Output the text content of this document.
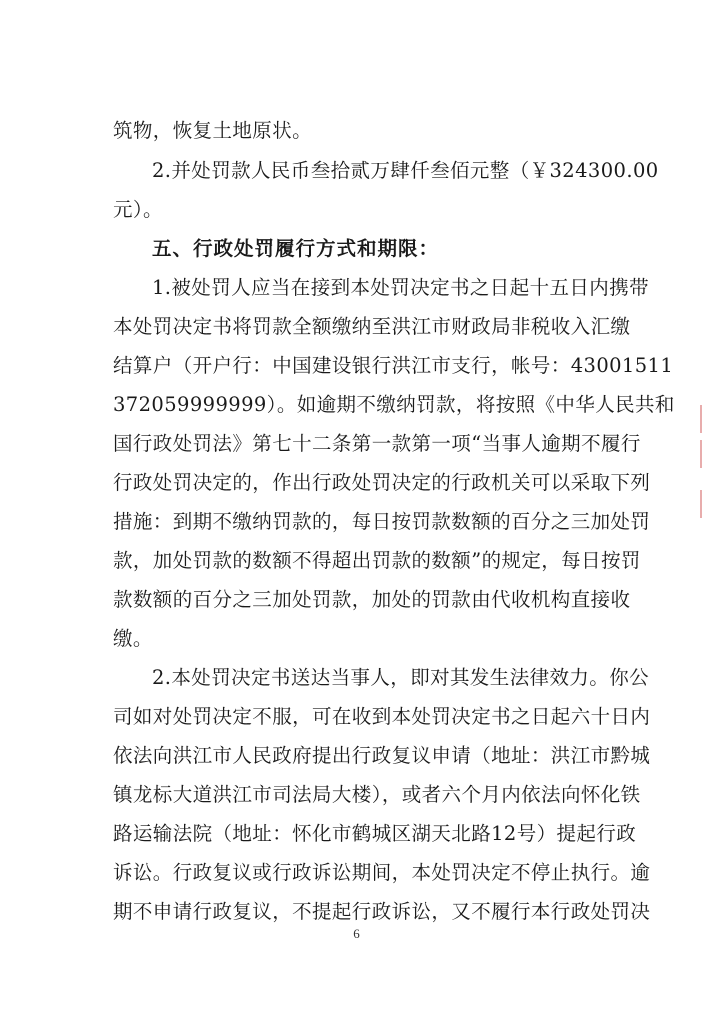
筑物，恢复土地原状。
2.并处罚款人民币叁拾贰万肆仟叁佰元整（￥324300.00
元）。
五、行政处罚履行方式和期限：
1.被处罚人应当在接到本处罚决定书之日起十五日内携带
本处罚决定书将罚款全额缴纳至洪江市财政局非税收入汇缴
结算户（开户行：中国建设银行洪江市支行，帐号：43001511
372059999999）。如逾期不缴纳罚款，将按照《中华人民共和
国行政处罚法》第七十二条第一款第一项“当事人逾期不履行
行政处罚决定的，作出行政处罚决定的行政机关可以采取下列
措施：到期不缴纳罚款的，每日按罚款数额的百分之三加处罚
款，加处罚款的数额不得超出罚款的数额”的规定，每日按罚
款数额的百分之三加处罚款，加处的罚款由代收机构直接收
缴。
2.本处罚决定书送达当事人，即对其发生法律效力。你公
司如对处罚决定不服，可在收到本处罚决定书之日起六十日内
依法向洪江市人民政府提出行政复议申请（地址：洪江市黔城
镇龙标大道洪江市司法局大楼），或者六个月内依法向怀化铁
路运输法院（地址：怀化市鹤城区湖天北路12号）提起行政
诉讼。行政复议或行政诉讼期间，本处罚决定不停止执行。逾
期不申请行政复议，不提起行政诉讼，又不履行本行政处罚决
6
